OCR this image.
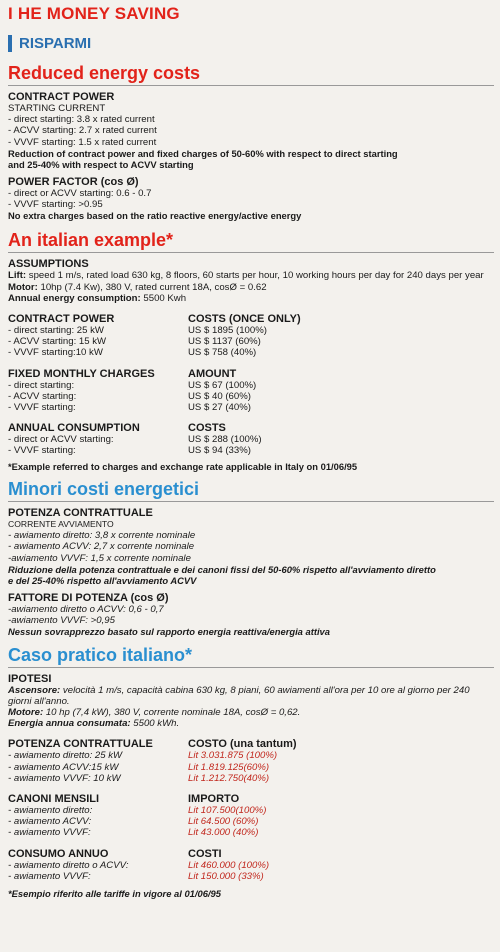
I HE MONEY SAVING
RISPARMI
Reduced energy costs
CONTRACT POWER
STARTING CURRENT
- direct starting: 3.8 x rated current
- ACVV starting: 2.7 x rated current
- VVVF starting: 1.5 x rated current
Reduction of contract power and fixed charges of 50-60% with respect to direct starting
and 25-40% with respect to ACVV starting
POWER FACTOR (cos Ø)
- direct or ACVV starting: 0.6 - 0.7
- VVVF starting: >0.95
No extra charges based on the ratio reactive energy/active energy
An italian example*
ASSUMPTIONS
Lift: speed 1 m/s, rated load 630 kg, 8 floors, 60 starts per hour, 10 working hours per day for 240 days per year
Motor: 10hp (7.4 Kw), 380 V, rated current 18A, cosØ = 0.62
Annual energy consumption: 5500 Kwh
CONTRACT POWER
- direct starting: 25 kW
- ACVV starting: 15 kW
- VVVF starting:10 kW
COSTS (ONCE ONLY)
US $ 1895 (100%)
US $ 1137 (60%)
US $ 758 (40%)
FIXED MONTHLY CHARGES
- direct starting:
- ACVV starting:
- VVVF starting:
AMOUNT
US $ 67 (100%)
US $ 40 (60%)
US $ 27 (40%)
ANNUAL CONSUMPTION
- direct or ACVV starting:
- VVVF starting:
COSTS
US $ 288 (100%)
US $ 94 (33%)
*Example referred to charges and exchange rate applicable in Italy on 01/06/95
Minori costi energetici
POTENZA CONTRATTUALE
CORRENTE AVVIAMENTO
- awiamento diretto: 3,8 x corrente nominale
- awiamento ACVV: 2,7 x corrente nominale
-awiamento VVVF: 1,5 x corrente nominale
Riduzione della potenza contrattuale e dei canoni fissi del 50-60% rispetto all'avviamento diretto
e del 25-40% rispetto all'avviamento ACVV
FATTORE DI POTENZA (cos Ø)
-awiamento diretto o ACVV: 0,6 - 0,7
-awiamento VVVF: >0,95
Nessun sovrapprezzo basato sul rapporto energia reattiva/energia attiva
Caso pratico italiano*
IPOTESI
Ascensore: velocità 1 m/s, capacità cabina 630 kg, 8 piani, 60 awiamenti all'ora per 10 ore al giorno per 240 giorni all'anno.
Motore: 10 hp (7,4 kW), 380 V, corrente nominale 18A, cosØ = 0,62.
Energia annua consumata: 5500 kWh.
POTENZA CONTRATTUALE
- awiamento diretto: 25 kW
- awiamento ACVV:15 kW
- awiamento VVVF: 10 kW
COSTO (una tantum)
Lit 3.031.875 (100%)
Lit 1.819.125(60%)
Lit 1.212.750(40%)
CANONI MENSILI
- awiamento diretto:
- awiamento ACVV:
- awiamento VVVF:
IMPORTO
Lit 107.500(100%)
Lit 64.500 (60%)
Lit 43.000 (40%)
CONSUMO ANNUO
- awiamento diretto o ACVV:
- awiamento VVVF:
COSTI
Lit 460.000 (100%)
Lit 150.000 (33%)
*Esempio riferito alle tariffe in vigore al 01/06/95
